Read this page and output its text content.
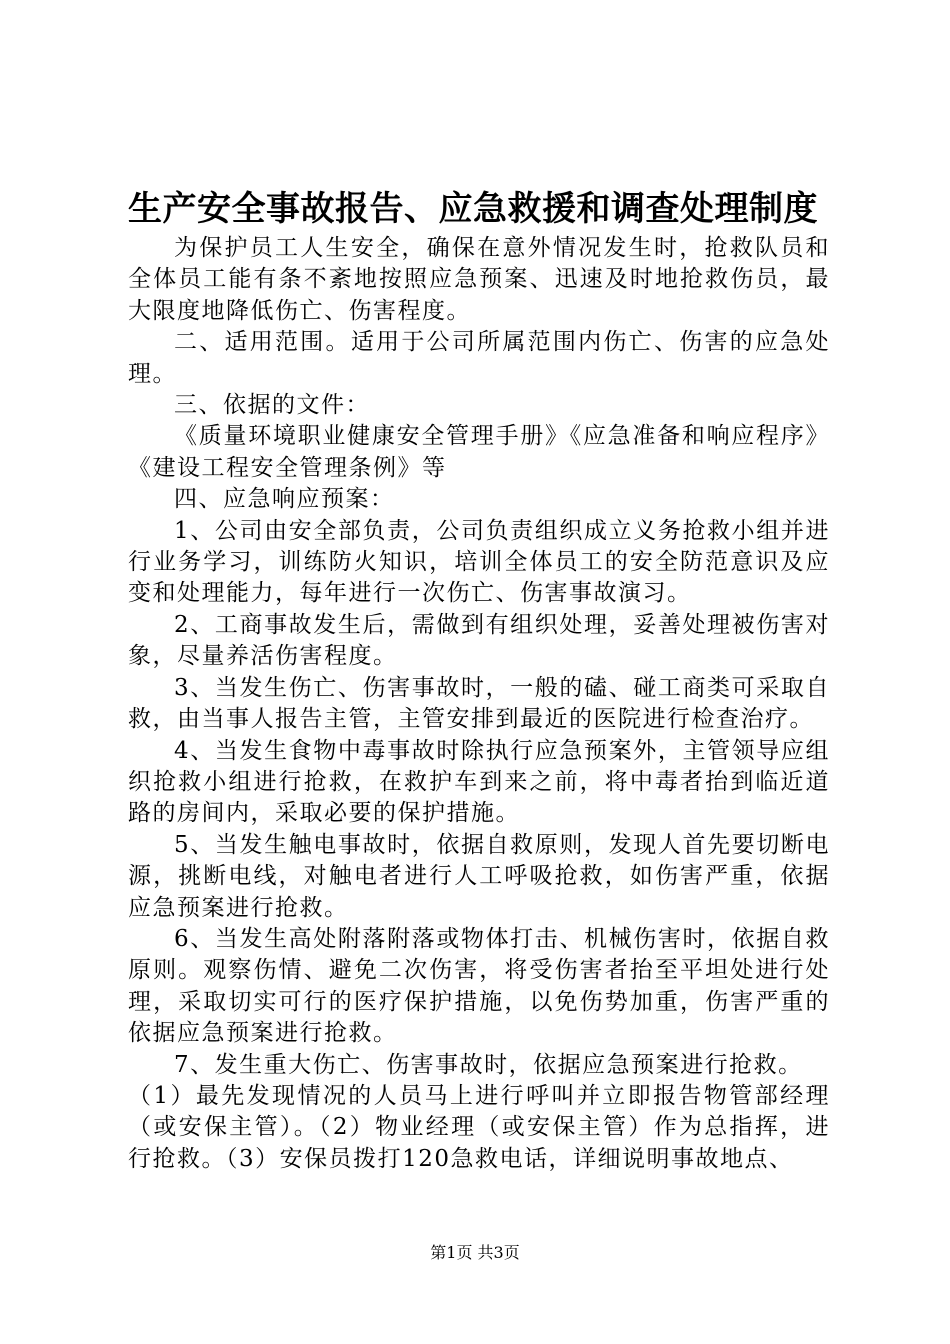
生产安全事故报告、应急救援和调查处理制度

为保护员工人生安全，确保在意外情况发生时，抢救队员和全体员工能有条不紊地按照应急预案、迅速及时地抢救伤员，最大限度地降低伤亡、伤害程度。

二、适用范围。适用于公司所属范围内伤亡、伤害的应急处理。

三、依据的文件：

《质量环境职业健康安全管理手册》《应急准备和响应程序》《建设工程安全管理条例》等

四、应急响应预案：

1、公司由安全部负责，公司负责组织成立义务抢救小组并进行业务学习，训练防火知识，培训全体员工的安全防范意识及应变和处理能力，每年进行一次伤亡、伤害事故演习。

2、工商事故发生后，需做到有组织处理，妥善处理被伤害对象，尽量养活伤害程度。

3、当发生伤亡、伤害事故时，一般的磕、碰工商类可采取自救，由当事人报告主管，主管安排到最近的医院进行检查治疗。

4、当发生食物中毒事故时除执行应急预案外，主管领导应组织抢救小组进行抢救，在救护车到来之前，将中毒者抬到临近道路的房间内，采取必要的保护措施。

5、当发生触电事故时，依据自救原则，发现人首先要切断电源，挑断电线，对触电者进行人工呼吸抢救，如伤害严重，依据应急预案进行抢救。

6、当发生高处附落附落或物体打击、机械伤害时，依据自救原则。观察伤情、避免二次伤害，将受伤害者抬至平坦处进行处理，采取切实可行的医疗保护措施，以免伤势加重，伤害严重的依据应急预案进行抢救。

7、发生重大伤亡、伤害事故时，依据应急预案进行抢救。

（1）最先发现情况的人员马上进行呼叫并立即报告物管部经理（或安保主管）。（2）物业经理（或安保主管）作为总指挥，进行抢救。（3）安保员拨打120急救电话，详细说明事故地点、

第1页 共3页
